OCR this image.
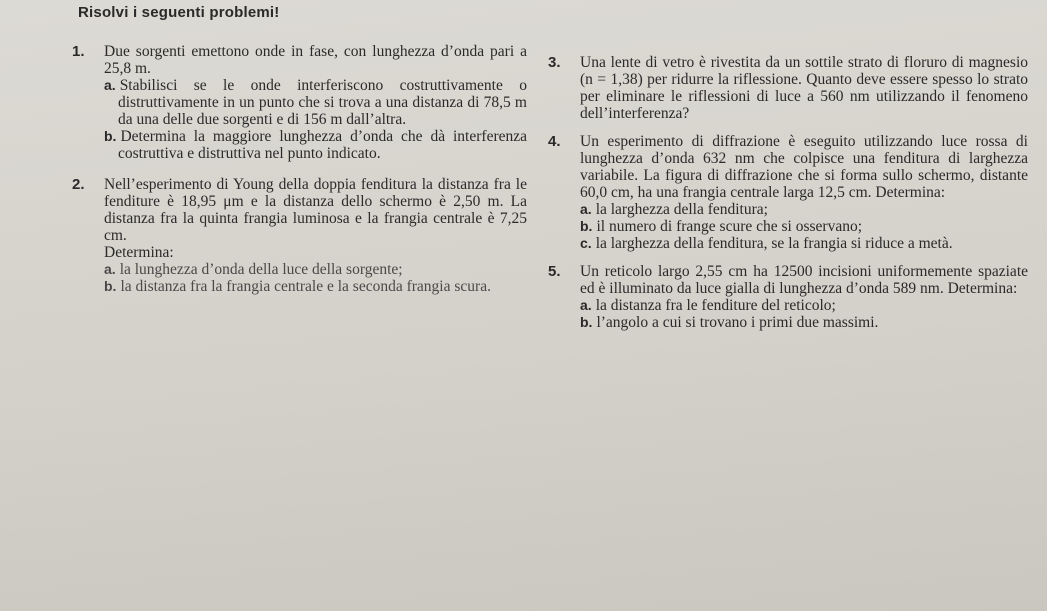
Risolvi i seguenti problemi!
1. Due sorgenti emettono onde in fase, con lunghezza d’onda pari a 25,8 m.
a. Stabilisci se le onde interferiscono costruttivamente o distruttivamente in un punto che si trova a una distanza di 78,5 m da una delle due sorgenti e di 156 m dall’altra.
b. Determina la maggiore lunghezza d’onda che dà interferenza costruttiva e distruttiva nel punto indicato.
2. Nell’esperimento di Young della doppia fenditura la distanza fra le fenditure è 18,95 μm e la distanza dello schermo è 2,50 m. La distanza fra la quinta frangia luminosa e la frangia centrale è 7,25 cm.
Determina:
a. la lunghezza d’onda della luce della sorgente;
b. la distanza fra la frangia centrale e la seconda frangia scura.
3. Una lente di vetro è rivestita da un sottile strato di floruro di magnesio (n = 1,38) per ridurre la riflessione. Quanto deve essere spesso lo strato per eliminare le riflessioni di luce a 560 nm utilizzando il fenomeno dell’interferenza?
4. Un esperimento di diffrazione è eseguito utilizzando luce rossa di lunghezza d’onda 632 nm che colpisce una fenditura di larghezza variabile. La figura di diffrazione che si forma sullo schermo, distante 60,0 cm, ha una frangia centrale larga 12,5 cm. Determina:
a. la larghezza della fenditura;
b. il numero di frange scure che si osservano;
c. la larghezza della fenditura, se la frangia si riduce a metà.
5. Un reticolo largo 2,55 cm ha 12500 incisioni uniformemente spaziate ed è illuminato da luce gialla di lunghezza d’onda 589 nm. Determina:
a. la distanza fra le fenditure del reticolo;
b. l’angolo a cui si trovano i primi due massimi.
